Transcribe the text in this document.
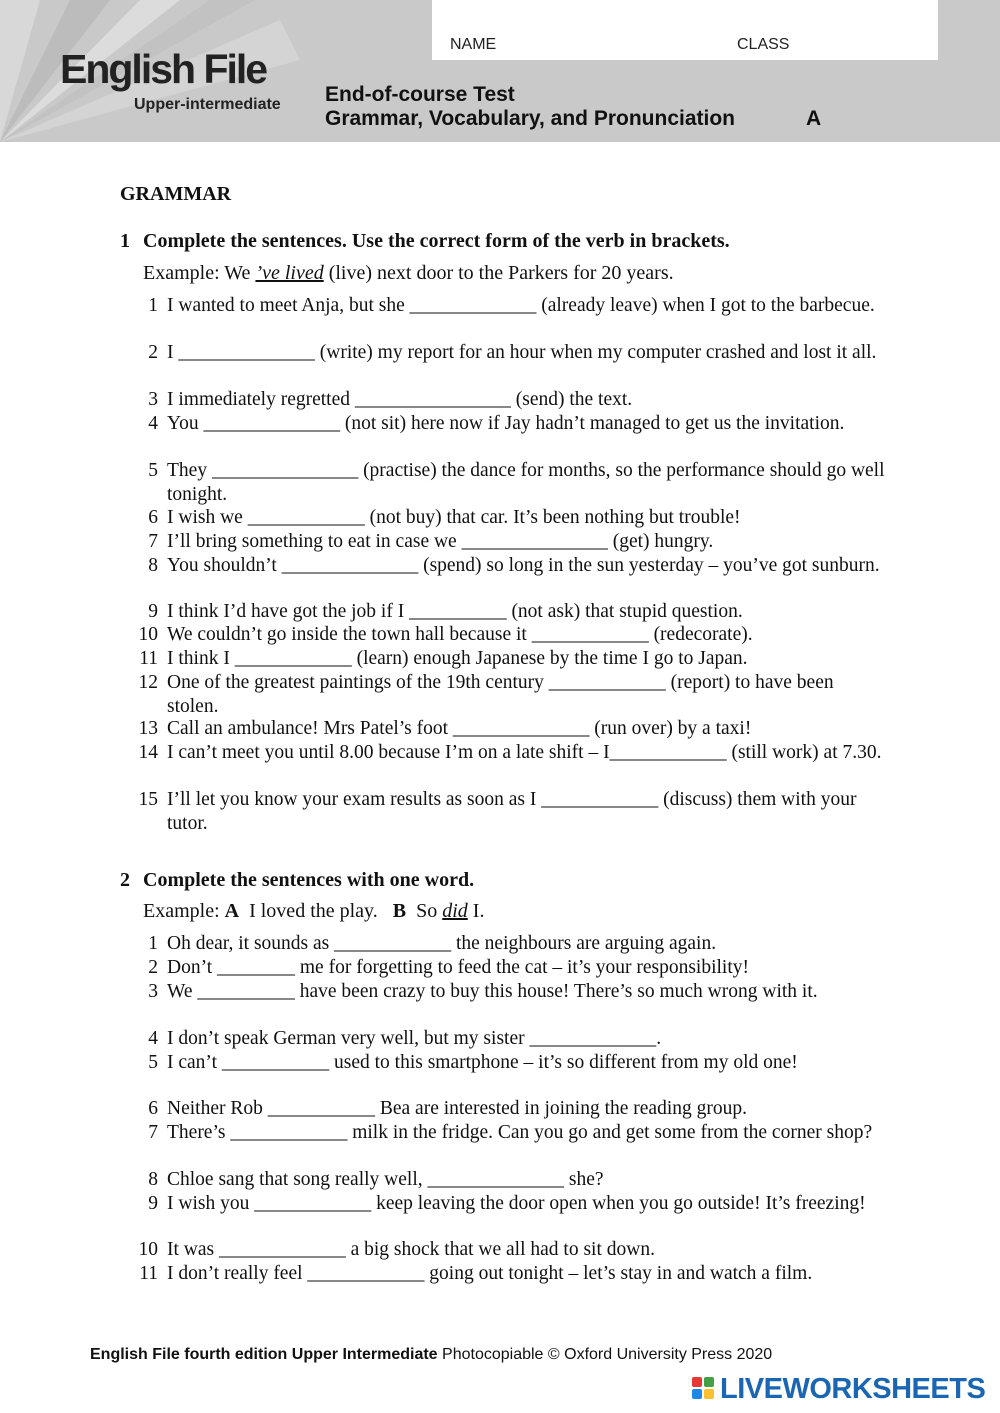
English File
Upper-intermediate
NAME	CLASS
End-of-course Test
Grammar, Vocabulary, and Pronunciation	A
GRAMMAR
1 Complete the sentences. Use the correct form of the verb in brackets.
Example: We ’ve lived (live) next door to the Parkers for 20 years.
1 I wanted to meet Anja, but she _____________ (already leave) when I got to the barbecue.
2 I ______________ (write) my report for an hour when my computer crashed and lost it all.
3 I immediately regretted ________________ (send) the text.
4 You ______________ (not sit) here now if Jay hadn’t managed to get us the invitation.
5 They _______________ (practise) the dance for months, so the performance should go well tonight.
6 I wish we ____________ (not buy) that car. It’s been nothing but trouble!
7 I’ll bring something to eat in case we _______________ (get) hungry.
8 You shouldn’t ______________ (spend) so long in the sun yesterday – you’ve got sunburn.
9 I think I’d have got the job if I __________ (not ask) that stupid question.
10 We couldn’t go inside the town hall because it ____________ (redecorate).
11 I think I ____________ (learn) enough Japanese by the time I go to Japan.
12 One of the greatest paintings of the 19th century ____________ (report) to have been stolen.
13 Call an ambulance! Mrs Patel’s foot ______________ (run over) by a taxi!
14 I can’t meet you until 8.00 because I’m on a late shift – I____________ (still work) at 7.30.
15 I’ll let you know your exam results as soon as I ____________ (discuss) them with your tutor.
2 Complete the sentences with one word.
Example: A  I loved the play.   B  So did I.
1 Oh dear, it sounds as ____________ the neighbours are arguing again.
2 Don’t ________ me for forgetting to feed the cat – it’s your responsibility!
3 We __________ have been crazy to buy this house! There’s so much wrong with it.
4 I don’t speak German very well, but my sister _____________.
5 I can’t ___________ used to this smartphone – it’s so different from my old one!
6 Neither Rob ___________ Bea are interested in joining the reading group.
7 There’s ____________ milk in the fridge. Can you go and get some from the corner shop?
8 Chloe sang that song really well, ______________ she?
9 I wish you ____________ keep leaving the door open when you go outside! It’s freezing!
10 It was _____________ a big shock that we all had to sit down.
11 I don’t really feel ____________ going out tonight – let’s stay in and watch a film.
English File fourth edition Upper Intermediate Photocopiable © Oxford University Press 2020
LIVEWORKSHEETS
